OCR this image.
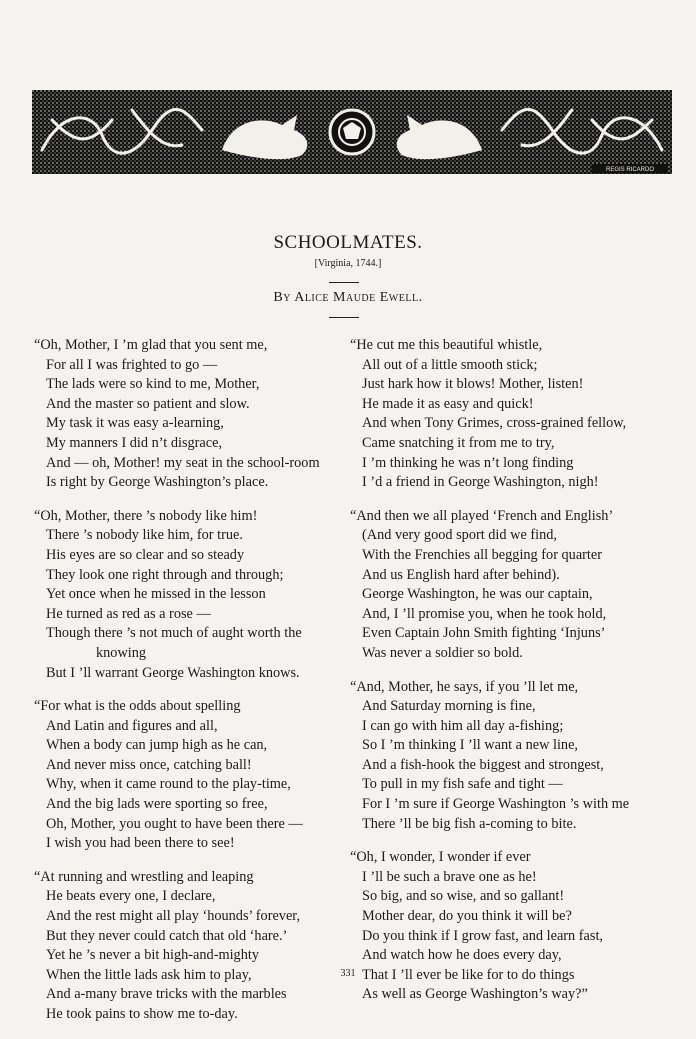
REGIS RICARDO
SCHOOLMATES.
[Virginia, 1744.]
By Alice Maude Ewell.
“Oh, Mother, I ’m glad that you sent me,
For all I was frighted to go —
The lads were so kind to me, Mother,
And the master so patient and slow.
My task it was easy a-learning,
My manners I did n’t disgrace,
And — oh, Mother! my seat in the school-room
Is right by George Washington’s place.
“Oh, Mother, there ’s nobody like him!
There ’s nobody like him, for true.
His eyes are so clear and so steady
They look one right through and through;
Yet once when he missed in the lesson
He turned as red as a rose —
Though there ’s not much of aught worth the
knowing
But I ’ll warrant George Washington knows.
“For what is the odds about spelling
And Latin and figures and all,
When a body can jump high as he can,
And never miss once, catching ball!
Why, when it came round to the play-time,
And the big lads were sporting so free,
Oh, Mother, you ought to have been there —
I wish you had been there to see!
“At running and wrestling and leaping
He beats every one, I declare,
And the rest might all play ‘hounds’ forever,
But they never could catch that old ‘hare.’
Yet he ’s never a bit high-and-mighty
When the little lads ask him to play,
And a-many brave tricks with the marbles
He took pains to show me to-day.
“He cut me this beautiful whistle,
All out of a little smooth stick;
Just hark how it blows! Mother, listen!
He made it as easy and quick!
And when Tony Grimes, cross-grained fellow,
Came snatching it from me to try,
I ’m thinking he was n’t long finding
I ’d a friend in George Washington, nigh!
“And then we all played ‘French and English’
(And very good sport did we find,
With the Frenchies all begging for quarter
And us English hard after behind).
George Washington, he was our captain,
And, I ’ll promise you, when he took hold,
Even Captain John Smith fighting ‘Injuns’
Was never a soldier so bold.
“And, Mother, he says, if you ’ll let me,
And Saturday morning is fine,
I can go with him all day a-fishing;
So I ’m thinking I ’ll want a new line,
And a fish-hook the biggest and strongest,
To pull in my fish safe and tight —
For I ’m sure if George Washington ’s with me
There ’ll be big fish a-coming to bite.
“Oh, I wonder, I wonder if ever
I ’ll be such a brave one as he!
So big, and so wise, and so gallant!
Mother dear, do you think it will be?
Do you think if I grow fast, and learn fast,
And watch how he does every day,
That I ’ll ever be like for to do things
As well as George Washington’s way?”
331
